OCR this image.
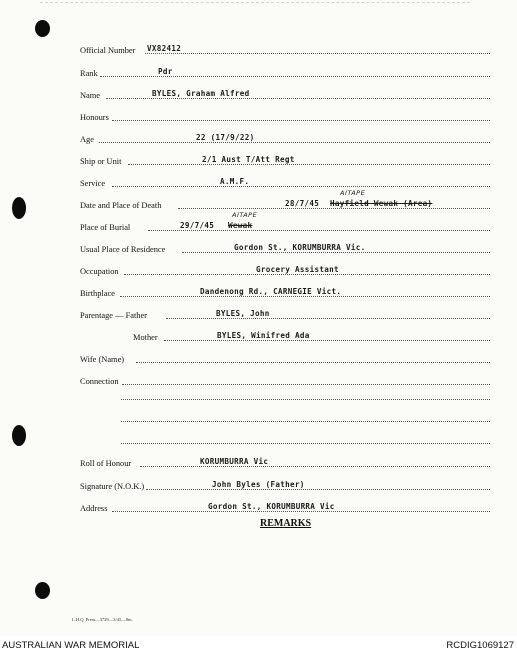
Official Number VX82412
Rank	Pdr
Name	BYLES, Graham Alfred
Honours
Age	22 (17/9/22)
Ship or Unit	2/1 Aust T/Att Regt
Service	A.M.F.
Date and Place of Death	28/7/45 Hayfield Wewak (Area)
AITAPE
Place of Burial	29/7/45 Wewak
AITAPE
Usual Place of Residence	Gordon St., KORUMBURRA Vic.
Occupation	Grocery Assistant
Birthplace	Dandenong Rd., CARNEGIE Vict.
Parentage — Father	BYLES, John
Mother	BYLES, Winifred Ada
Wife (Name)
Connection
Roll of Honour	KORUMBURRA Vic
Signature (N.O.K.)	John Byles (Father)
Address	Gordon St., KORUMBURRA Vic
REMARKS
L.H.Q. Press—3729—3/45—8m.
AUSTRALIAN WAR MEMORIAL	RCDIG1069127
